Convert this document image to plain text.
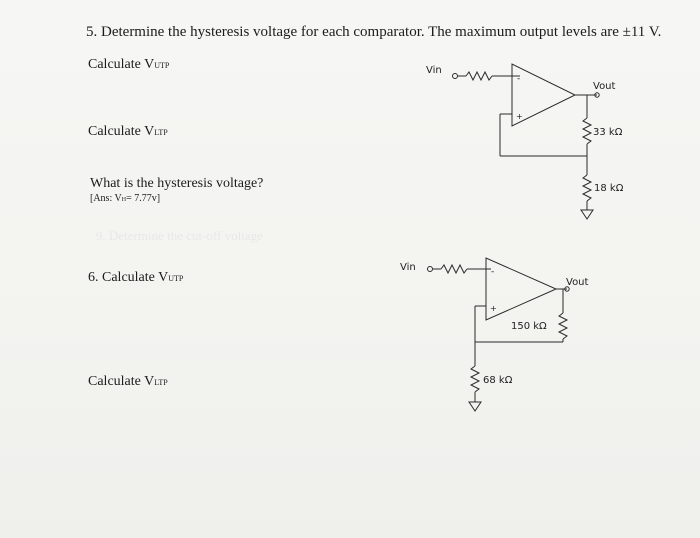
9. Determine the cut-off voltage
5. Determine the hysteresis voltage for each comparator. The maximum output levels are ±11 V.
Calculate VUTP
Calculate VLTP
What is the hysteresis voltage?
[Ans: VH= 7.77v]
6. Calculate VUTP
Calculate VLTP
Vin
Vout
33 kΩ
18 kΩ
-
+
Vin
Vout
150 kΩ
68 kΩ
-
+
